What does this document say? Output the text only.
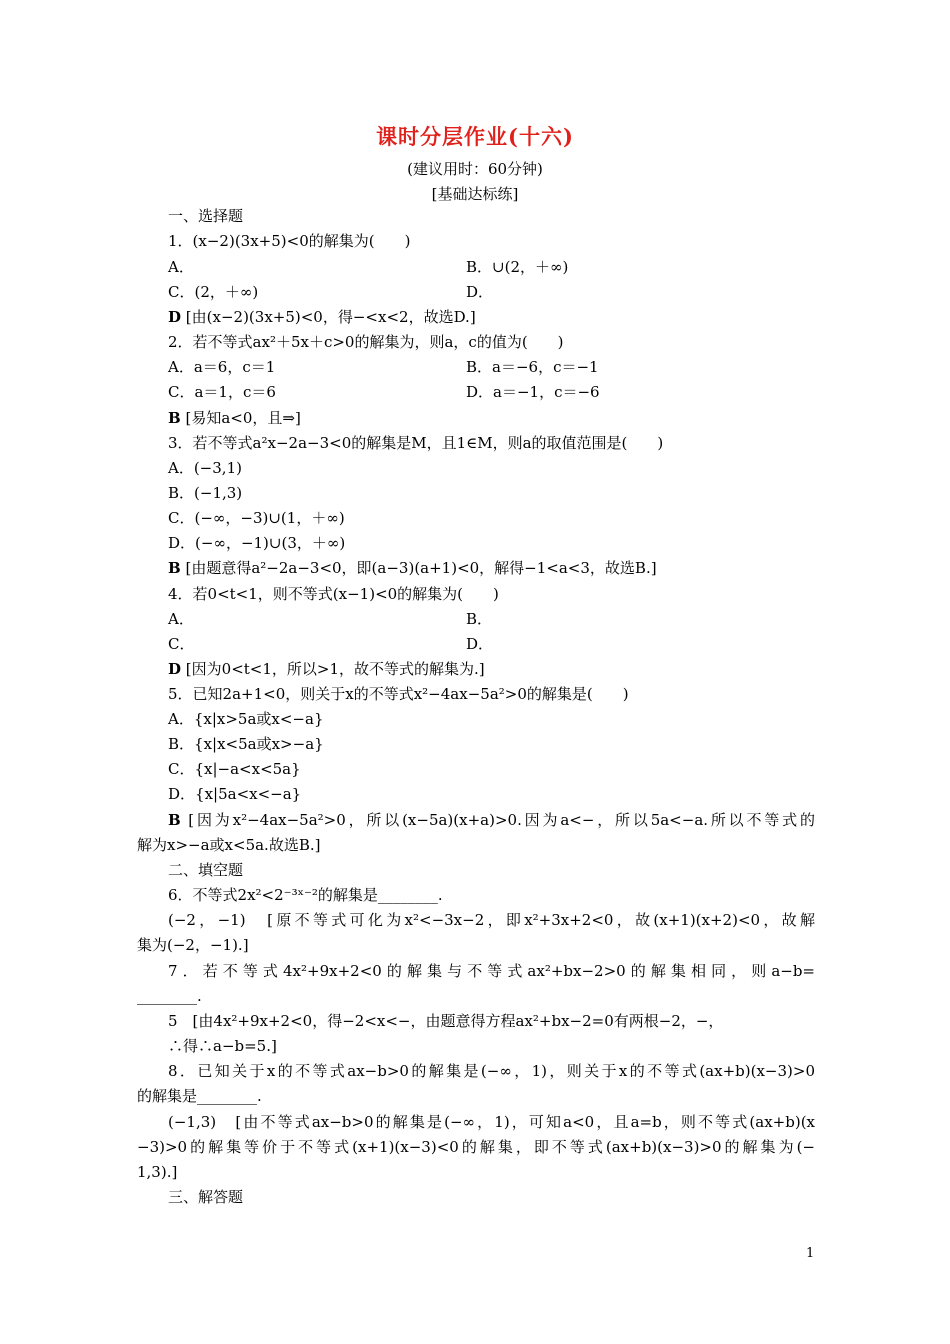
课时分层作业(十六)
(建议用时：60分钟)
[基础达标练]
一、选择题
1．(x−2)(3x+5)<0的解集为(　　)
A．	B．∪(2，＋∞)
C．(2，＋∞)	D．
D [由(x−2)(3x+5)<0，得−<x<2，故选D.]
2．若不等式ax²＋5x＋c>0的解集为，则a，c的值为(　　)
A．a＝6，c＝1	B．a＝−6，c＝−1
C．a＝1，c＝6	D．a＝−1，c＝−6
B [易知a<0，且⇒]
3．若不等式a²x−2a−3<0的解集是M，且1∈M，则a的取值范围是(　　)
A．(−3,1)
B．(−1,3)
C．(−∞，−3)∪(1，＋∞)
D．(−∞，−1)∪(3，＋∞)
B [由题意得a²−2a−3<0，即(a−3)(a+1)<0，解得−1<a<3，故选B.]
4．若0<t<1，则不等式(x−1)<0的解集为(　　)
A．	B．
C．	D．
D [因为0<t<1，所以>1，故不等式的解集为.]
5．已知2a+1<0，则关于x的不等式x²−4ax−5a²>0的解集是(　　)
A．{x|x>5a或x<−a}
B．{x|x<5a或x>−a}
C．{x|−a<x<5a}
D．{x|5a<x<−a}
B [因为x²−4ax−5a²>0，所以(x−5a)(x+a)>0.因为a<−，所以5a<−a.所以不等式的
解为x>−a或x<5a.故选B.]
二、填空题
6．不等式2x²<2⁻³ˣ⁻²的解集是________.
(−2，−1)　[原不等式可化为x²<−3x−2，即x²+3x+2<0，故(x+1)(x+2)<0，故解
集为(−2，−1).]
7．若不等式4x²+9x+2<0的解集与不等式ax²+bx−2>0的解集相同，则a−b=
________.
5　[由4x²+9x+2<0，得−2<x<−，由题意得方程ax²+bx−2=0有两根−2，−，
∴得∴a−b=5.]
8．已知关于x的不等式ax−b>0的解集是(−∞，1)，则关于x的不等式(ax+b)(x−3)>0
的解集是________.
(−1,3)　[由不等式ax−b>0的解集是(−∞，1)，可知a<0，且a=b，则不等式(ax+b)(x
−3)>0的解集等价于不等式(x+1)(x−3)<0的解集，即不等式(ax+b)(x−3)>0的解集为(−
1,3).]
三、解答题
1
